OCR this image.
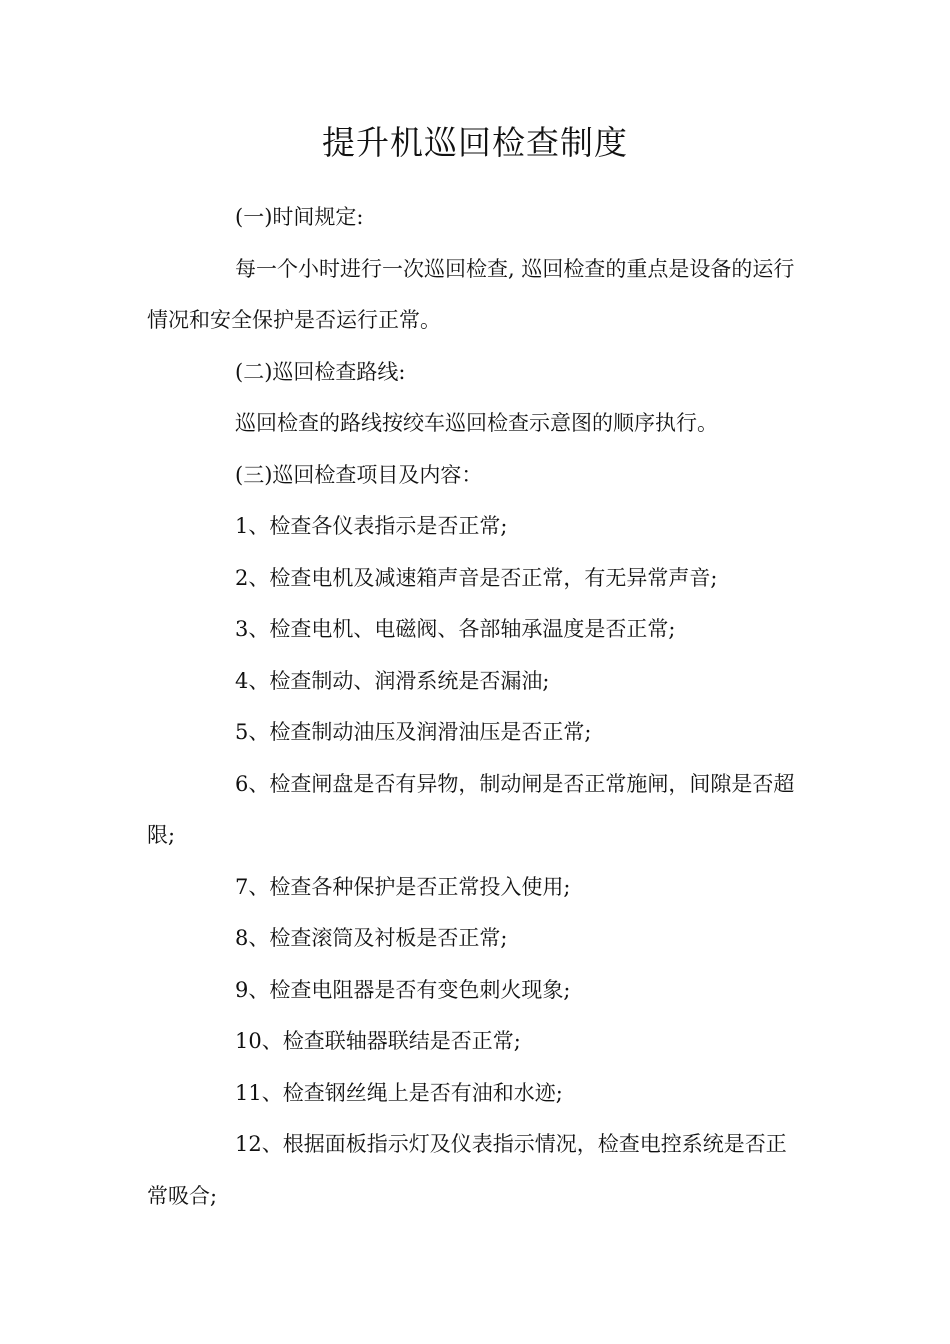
提升机巡回检查制度

(一)时间规定:

每一个小时进行一次巡回检查, 巡回检查的重点是设备的运行情况和安全保护是否运行正常。

(二)巡回检查路线:

巡回检查的路线按绞车巡回检查示意图的顺序执行。

(三)巡回检查项目及内容：

1、检查各仪表指示是否正常;

2、检查电机及减速箱声音是否正常，有无异常声音;

3、检查电机、电磁阀、各部轴承温度是否正常;

4、检查制动、润滑系统是否漏油;

5、检查制动油压及润滑油压是否正常;

6、检查闸盘是否有异物，制动闸是否正常施闸，间隙是否超限;

7、检查各种保护是否正常投入使用;

8、检查滚筒及衬板是否正常;

9、检查电阻器是否有变色刺火现象;

10、检查联轴器联结是否正常;

11、检查钢丝绳上是否有油和水迹;

12、根据面板指示灯及仪表指示情况，检查电控系统是否正常吸合;
